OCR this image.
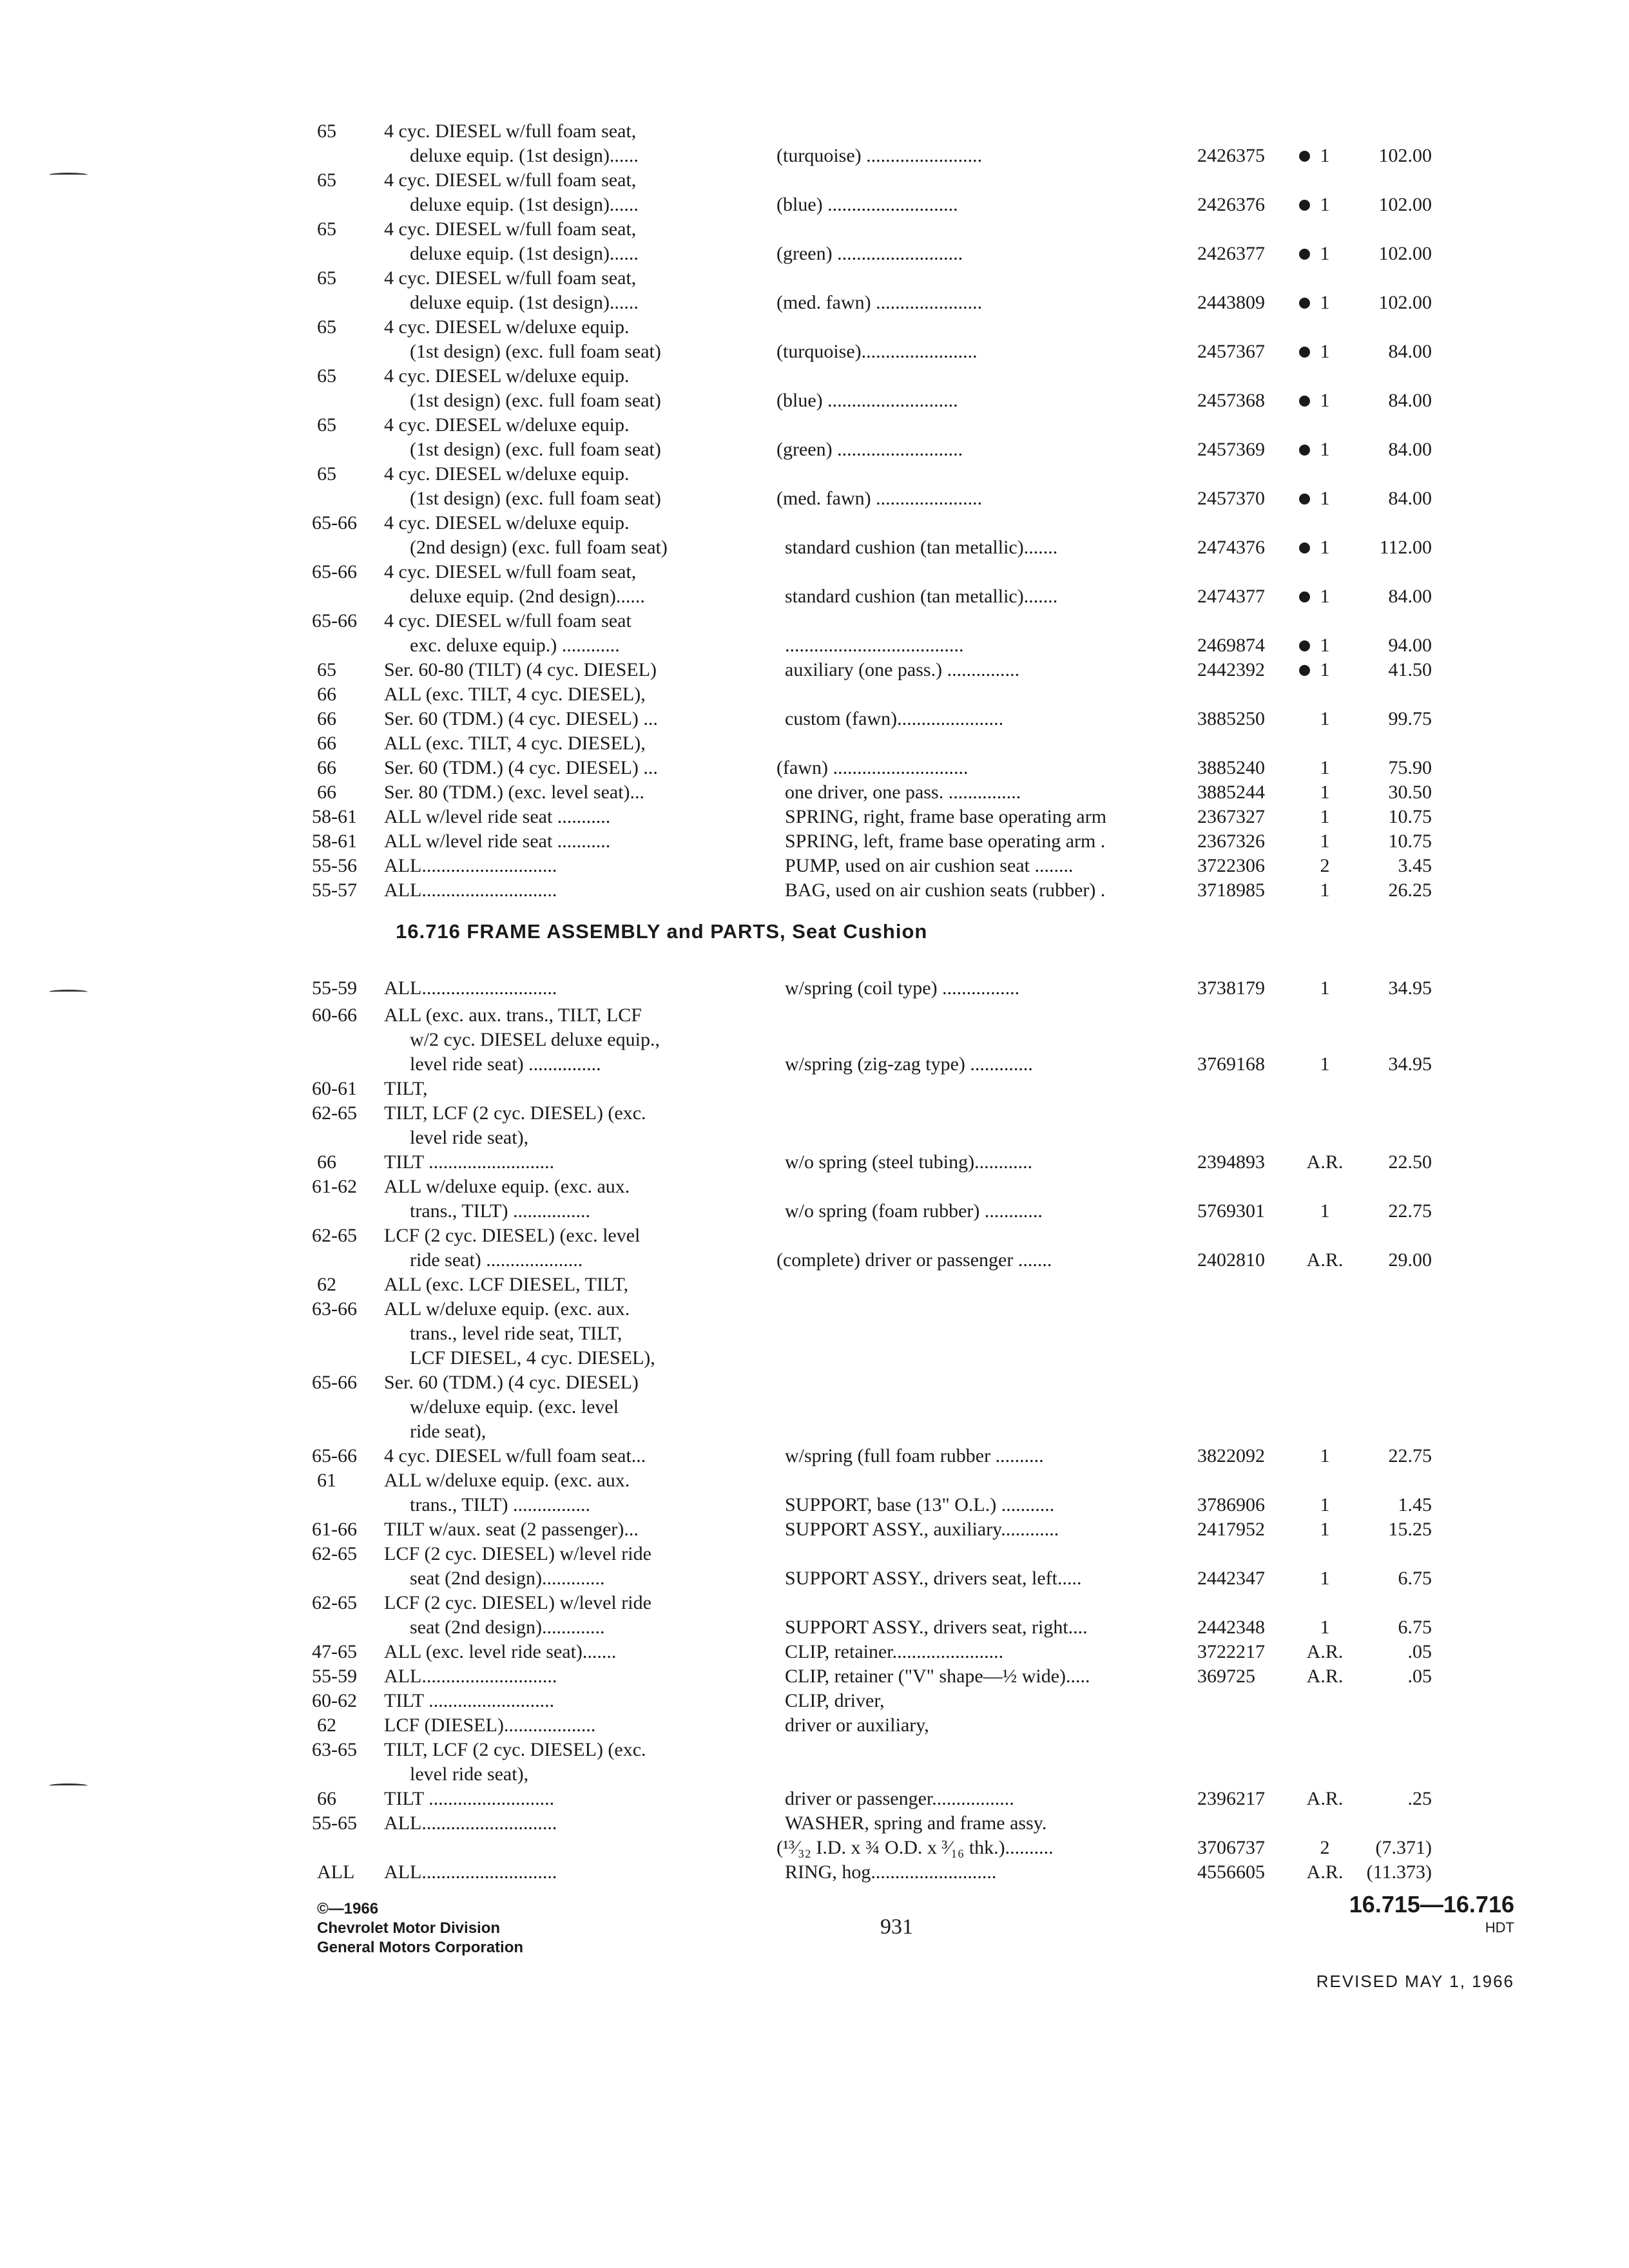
65 4 cyc. DIESEL w/full foam seat,
deluxe equip. (1st design)......	(turquoise) ........................	2426375	1	102.00
65 4 cyc. DIESEL w/full foam seat,
deluxe equip. (1st design)......	(blue) ...........................	2426376	1	102.00
65 4 cyc. DIESEL w/full foam seat,
deluxe equip. (1st design)......	(green) ..........................	2426377	1	102.00
65 4 cyc. DIESEL w/full foam seat,
deluxe equip. (1st design)......	(med. fawn) ......................	2443809	1	102.00
65 4 cyc. DIESEL w/deluxe equip.
(1st design) (exc. full foam seat)	(turquoise)........................	2457367	1	84.00
65 4 cyc. DIESEL w/deluxe equip.
(1st design) (exc. full foam seat)	(blue) ...........................	2457368	1	84.00
65 4 cyc. DIESEL w/deluxe equip.
(1st design) (exc. full foam seat)	(green) ..........................	2457369	1	84.00
65 4 cyc. DIESEL w/deluxe equip.
(1st design) (exc. full foam seat)	(med. fawn) ......................	2457370	1	84.00
65-66 4 cyc. DIESEL w/deluxe equip.
(2nd design) (exc. full foam seat)	standard cushion (tan metallic).......	2474376	1	112.00
65-66 4 cyc. DIESEL w/full foam seat,
deluxe equip. (2nd design)......	standard cushion (tan metallic).......	2474377	1	84.00
65-66 4 cyc. DIESEL w/full foam seat
exc. deluxe equip.) ............	.....................................	2469874	1	94.00
65 Ser. 60-80 (TILT) (4 cyc. DIESEL)	auxiliary (one pass.) ...............	2442392	1	41.50
66 ALL (exc. TILT, 4 cyc. DIESEL),
66 Ser. 60 (TDM.) (4 cyc. DIESEL) ...	custom (fawn)......................	3885250	1	99.75
66 ALL (exc. TILT, 4 cyc. DIESEL),
66 Ser. 60 (TDM.) (4 cyc. DIESEL) ...	(fawn) ............................	3885240	1	75.90
66 Ser. 80 (TDM.) (exc. level seat)...	one driver, one pass. ...............	3885244	1	30.50
58-61 ALL w/level ride seat ...........	SPRING, right, frame base operating arm	2367327	1	10.75
58-61 ALL w/level ride seat ...........	SPRING, left, frame base operating arm .	2367326	1	10.75
55-56 ALL............................	PUMP, used on air cushion seat ........	3722306	2	3.45
55-57 ALL............................	BAG, used on air cushion seats (rubber) .	3718985	1	26.25
55-59 ALL............................	w/spring (coil type) ................	3738179	1	34.95
60-66 ALL (exc. aux. trans., TILT, LCF
w/2 cyc. DIESEL deluxe equip.,
level ride seat) ...............	w/spring (zig-zag type) .............	3769168	1	34.95
60-61 TILT,
62-65 TILT, LCF (2 cyc. DIESEL) (exc.
level ride seat),
66 TILT ..........................	w/o spring (steel tubing)............	2394893 A.R.	22.50
61-62 ALL w/deluxe equip. (exc. aux.
trans., TILT) ................	w/o spring (foam rubber) ............	5769301	1	22.75
62-65 LCF (2 cyc. DIESEL) (exc. level
ride seat) ....................	(complete) driver or passenger .......	2402810 A.R.	29.00
62 ALL (exc. LCF DIESEL, TILT,
63-66 ALL w/deluxe equip. (exc. aux.
trans., level ride seat, TILT,
LCF DIESEL, 4 cyc. DIESEL),
65-66 Ser. 60 (TDM.) (4 cyc. DIESEL)
w/deluxe equip. (exc. level
ride seat),
65-66 4 cyc. DIESEL w/full foam seat...	w/spring (full foam rubber ..........	3822092	1	22.75
61 ALL w/deluxe equip. (exc. aux.
trans., TILT) ................	SUPPORT, base (13" O.L.) ...........	3786906	1	1.45
61-66 TILT w/aux. seat (2 passenger)...	SUPPORT ASSY., auxiliary............	2417952	1	15.25
62-65 LCF (2 cyc. DIESEL) w/level ride
seat (2nd design).............	SUPPORT ASSY., drivers seat, left.....	2442347	1	6.75
62-65 LCF (2 cyc. DIESEL) w/level ride
seat (2nd design).............	SUPPORT ASSY., drivers seat, right....	2442348	1	6.75
47-65 ALL (exc. level ride seat).......	CLIP, retainer.......................	3722217 A.R.	.05
55-59 ALL............................	CLIP, retainer ("V" shape—½ wide).....	369725	A.R.	.05
60-62 TILT ..........................	CLIP, driver,
62 LCF (DIESEL)...................	driver or auxiliary,
63-65 TILT, LCF (2 cyc. DIESEL) (exc.
level ride seat),
66 TILT ..........................	driver or passenger.................	2396217 A.R.	.25
55-65 ALL............................	WASHER, spring and frame assy.
(¹³⁄₃₂ I.D. x ¾ O.D. x ³⁄₁₆ thk.)..........	3706737	2	(7.371)
ALL ALL............................	RING, hog..........................	4556605 A.R.	(11.373)
16.716 FRAME ASSEMBLY and PARTS, Seat Cushion
©—1966
Chevrolet Motor Division
General Motors Corporation
931
16.715—16.716
HDT
REVISED MAY 1, 1966
